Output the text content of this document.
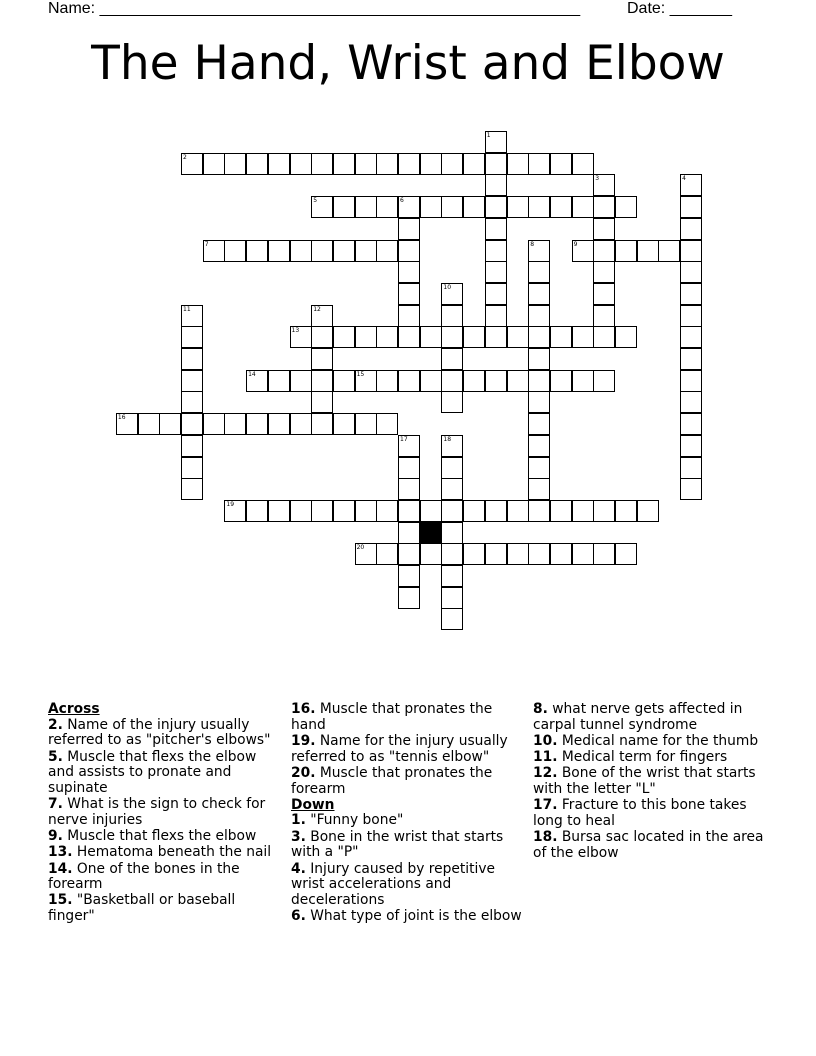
Name: ______________________________________________________	Date: _______
The Hand, Wrist and Elbow
2
5	6
7	9
13
14	15
16
19
20
1
3	4
8
10
11	12
17	18
Across
2. Name of the injury usually referred to as "pitcher's elbows"
5. Muscle that flexs the elbow and assists to pronate and supinate
7. What is the sign to check for nerve injuries
9. Muscle that flexs the elbow
13. Hematoma beneath the nail
14. One of the bones in the forearm
15. "Basketball or baseball finger"
16. Muscle that pronates the hand
19. Name for the injury usually referred to as "tennis elbow"
20. Muscle that pronates the forearm
Down
1. "Funny bone"
3. Bone in the wrist that starts with a "P"
4. Injury caused by repetitive wrist accelerations and decelerations
6. What type of joint is the elbow
8. what nerve gets affected in carpal tunnel syndrome
10. Medical name for the thumb
11. Medical term for fingers
12. Bone of the wrist that starts with the letter "L"
17. Fracture to this bone takes long to heal
18. Bursa sac located in the area of the elbow
